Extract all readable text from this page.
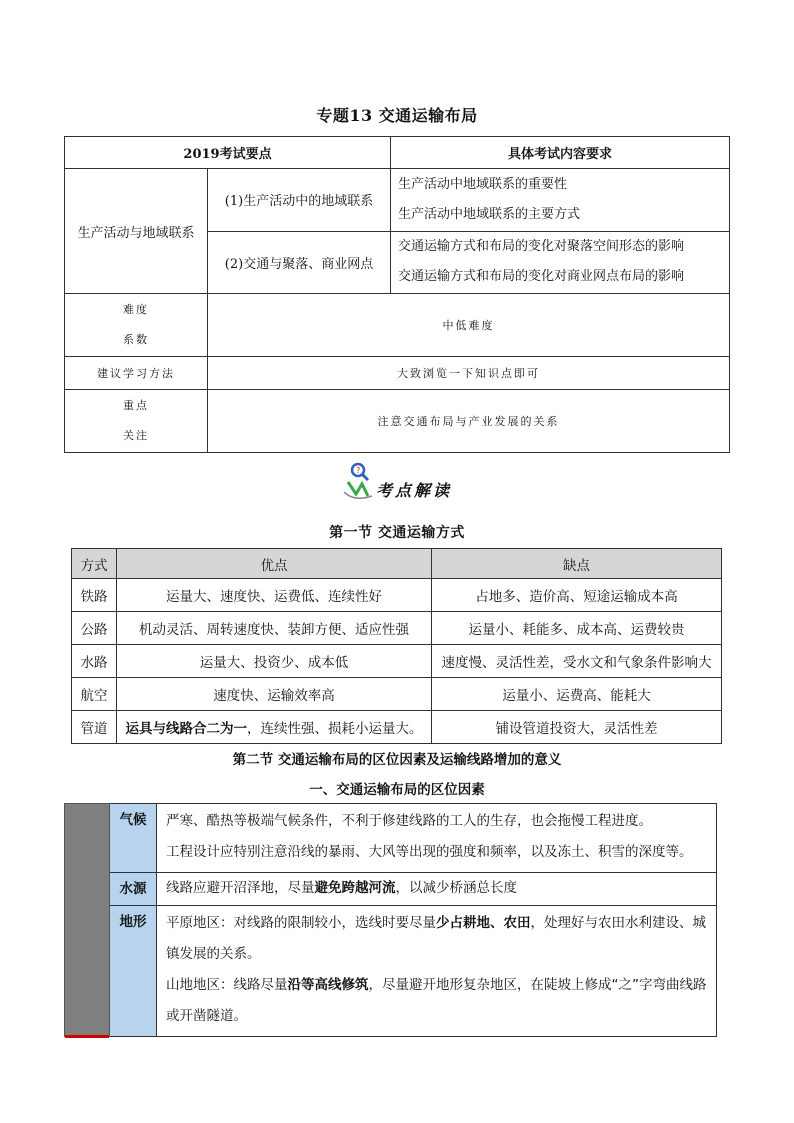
专题13 交通运输布局
2019考试要点		具体考试内容要求
生产活动与地域联系	(1)生产活动中的地域联系	生产活动中地域联系的重要性
生产活动中地域联系的主要方式

	(2)交通与聚落、商业网点	交通运输方式和布局的变化对聚落空间形态的影响
交通运输方式和布局的变化对商业网点布局的影响

难度
系数	中低难度	
建议学习方法	大致浏览一下知识点即可	

重点
关注	注意交通布局与产业发展的关系	
?
考点解读
第一节 交通运输方式
方式	优点	缺点
铁路	运量大、速度快、运费低、连续性好	占地多、造价高、短途运输成本高
公路	机动灵活、周转速度快、装卸方便、适应性强	运量小、耗能多、成本高、运费较贵
水路	运量大、投资少、成本低	速度慢、灵活性差，受水文和气象条件影响大
航空	速度快、运输效率高	运量小、运费高、能耗大
管道	运具与线路合二为一，连续性强、损耗小运量大。	铺设管道投资大，灵活性差
第二节 交通运输布局的区位因素及运输线路增加的意义
一、交通运输布局的区位因素
	气候	严寒、酷热等极端气候条件，不利于修建线路的工人的生存，也会拖慢工程进度。
工程设计应特别注意沿线的暴雨、大风等出现的强度和频率，以及冻土、积雪的深度等。

	水源	线路应避开沼泽地，尽量避免跨越河流，以减少桥涵总长度
	地形	平原地区：对线路的限制较小，选线时要尽量少占耕地、农田，处理好与农田水利建设、城镇发展的关系。
山地地区：线路尽量沿等高线修筑，尽量避开地形复杂地区，在陡坡上修成“之”字弯曲线路或开凿隧道。
